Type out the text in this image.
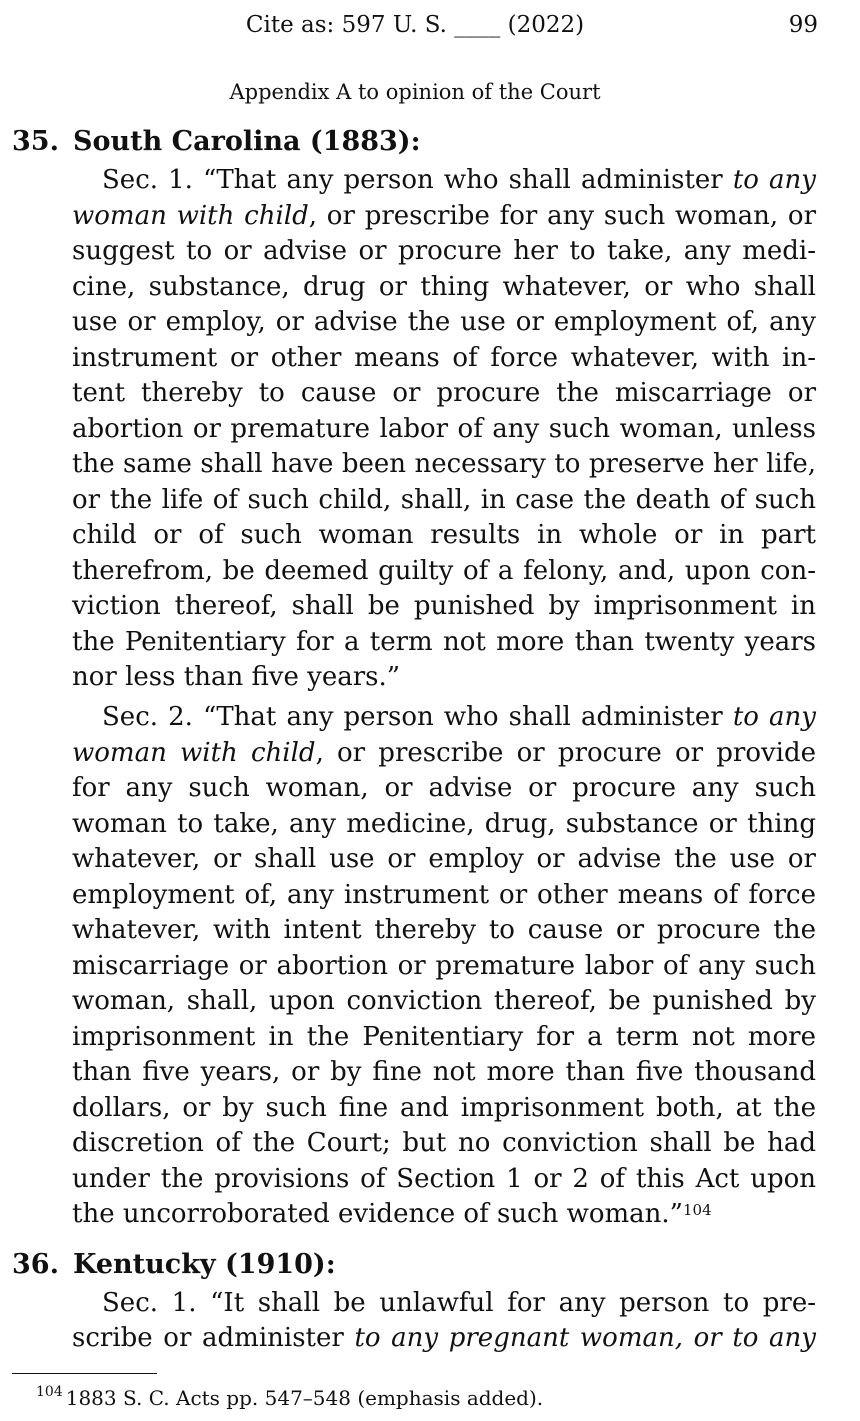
Cite as: 597 U. S. ____ (2022)	99
Appendix A to opinion of the Court
35. South Carolina (1883):
Sec. 1. “That any person who shall administer to any
woman with child, or prescribe for any such woman, or
suggest to or advise or procure her to take, any medi-
cine, substance, drug or thing whatever, or who shall
use or employ, or advise the use or employment of, any
instrument or other means of force whatever, with in-
tent thereby to cause or procure the miscarriage or
abortion or premature labor of any such woman, unless
the same shall have been necessary to preserve her life,
or the life of such child, shall, in case the death of such
child or of such woman results in whole or in part
therefrom, be deemed guilty of a felony, and, upon con-
viction thereof, shall be punished by imprisonment in
the Penitentiary for a term not more than twenty years
nor less than five years.”
Sec. 2. “That any person who shall administer to any
woman with child, or prescribe or procure or provide
for any such woman, or advise or procure any such
woman to take, any medicine, drug, substance or thing
whatever, or shall use or employ or advise the use or
employment of, any instrument or other means of force
whatever, with intent thereby to cause or procure the
miscarriage or abortion or premature labor of any such
woman, shall, upon conviction thereof, be punished by
imprisonment in the Penitentiary for a term not more
than five years, or by fine not more than five thousand
dollars, or by such fine and imprisonment both, at the
discretion of the Court; but no conviction shall be had
under the provisions of Section 1 or 2 of this Act upon
the uncorroborated evidence of such woman.”$^{104}$
36. Kentucky (1910):
Sec. 1. “It shall be unlawful for any person to pre-
scribe or administer to any pregnant woman, or to any
$^{104}$ 1883 S. C. Acts pp. 547–548 (emphasis added).
